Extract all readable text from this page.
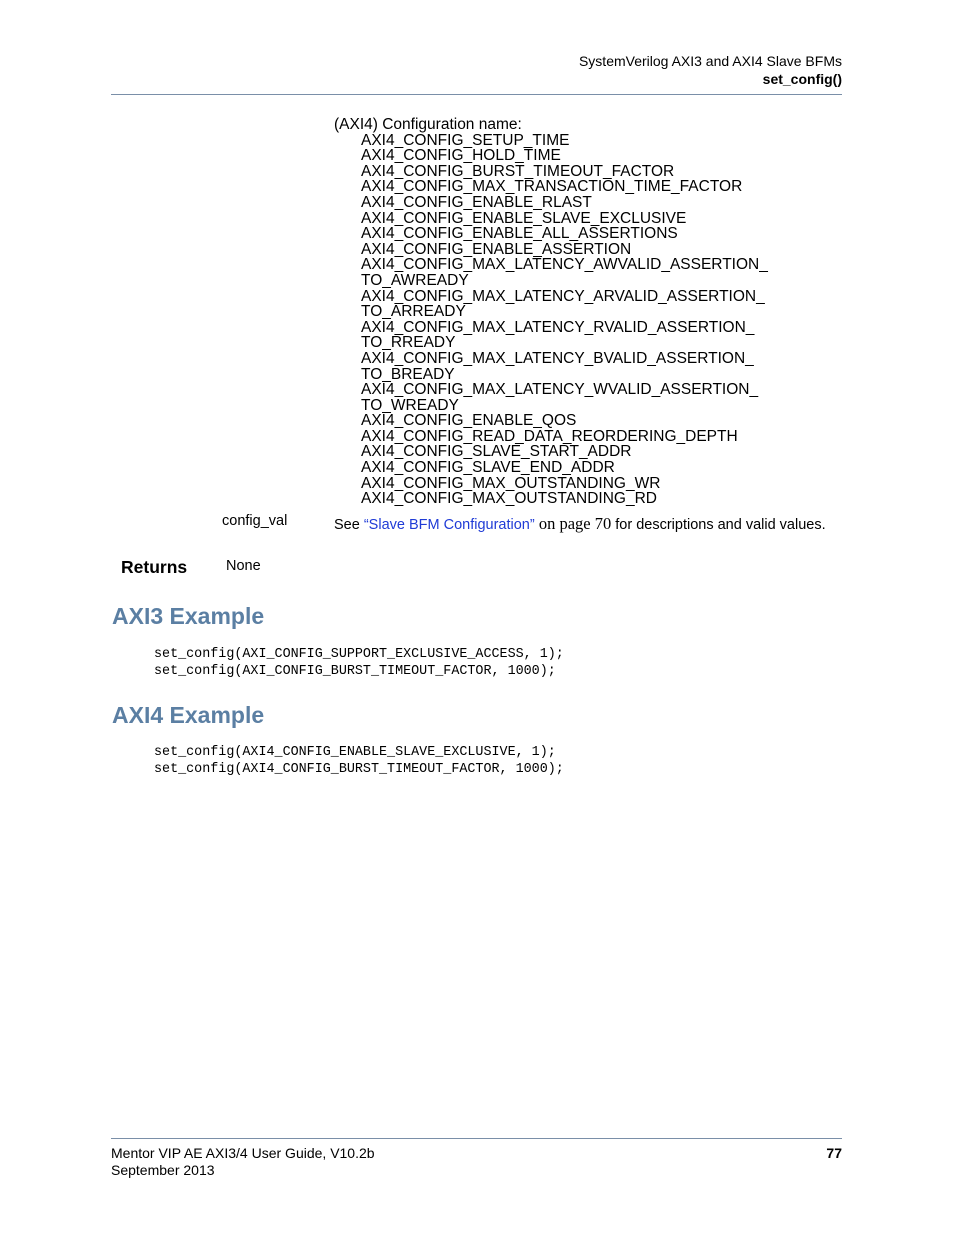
SystemVerilog AXI3 and AXI4 Slave BFMs
set_config()
(AXI4) Configuration name:
AXI4_CONFIG_SETUP_TIME
AXI4_CONFIG_HOLD_TIME
AXI4_CONFIG_BURST_TIMEOUT_FACTOR
AXI4_CONFIG_MAX_TRANSACTION_TIME_FACTOR
AXI4_CONFIG_ENABLE_RLAST
AXI4_CONFIG_ENABLE_SLAVE_EXCLUSIVE
AXI4_CONFIG_ENABLE_ALL_ASSERTIONS
AXI4_CONFIG_ENABLE_ASSERTION
AXI4_CONFIG_MAX_LATENCY_AWVALID_ASSERTION_
TO_AWREADY
AXI4_CONFIG_MAX_LATENCY_ARVALID_ASSERTION_
TO_ARREADY
AXI4_CONFIG_MAX_LATENCY_RVALID_ASSERTION_
TO_RREADY
AXI4_CONFIG_MAX_LATENCY_BVALID_ASSERTION_
TO_BREADY
AXI4_CONFIG_MAX_LATENCY_WVALID_ASSERTION_
TO_WREADY
AXI4_CONFIG_ENABLE_QOS
AXI4_CONFIG_READ_DATA_REORDERING_DEPTH
AXI4_CONFIG_SLAVE_START_ADDR
AXI4_CONFIG_SLAVE_END_ADDR
AXI4_CONFIG_MAX_OUTSTANDING_WR
AXI4_CONFIG_MAX_OUTSTANDING_RD
config_val	See “Slave BFM Configuration” on page 70 for descriptions and valid values.
Returns	None
AXI3 Example
set_config(AXI_CONFIG_SUPPORT_EXCLUSIVE_ACCESS, 1);
set_config(AXI_CONFIG_BURST_TIMEOUT_FACTOR, 1000);
AXI4 Example
set_config(AXI4_CONFIG_ENABLE_SLAVE_EXCLUSIVE, 1);
set_config(AXI4_CONFIG_BURST_TIMEOUT_FACTOR, 1000);
Mentor VIP AE AXI3/4 User Guide, V10.2b
September 2013
77
